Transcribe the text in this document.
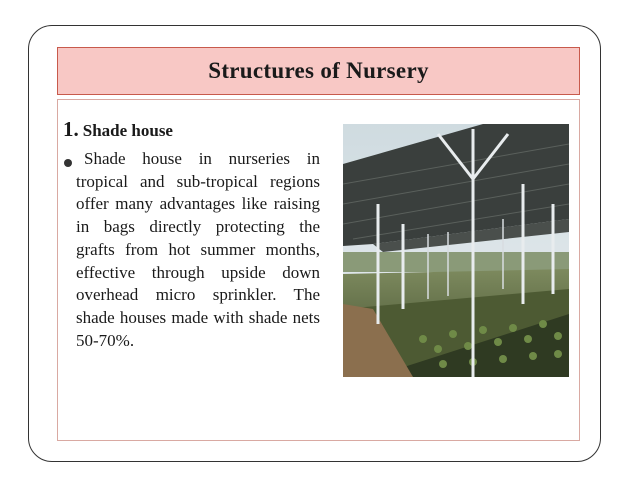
Structures of Nursery
1. Shade house
Shade house in nurseries in tropical and sub-tropical regions offer many advantages like raising in bags directly protecting the grafts from hot summer months, effective through upside down overhead micro sprinkler. The shade houses made with shade nets 50-70%.
